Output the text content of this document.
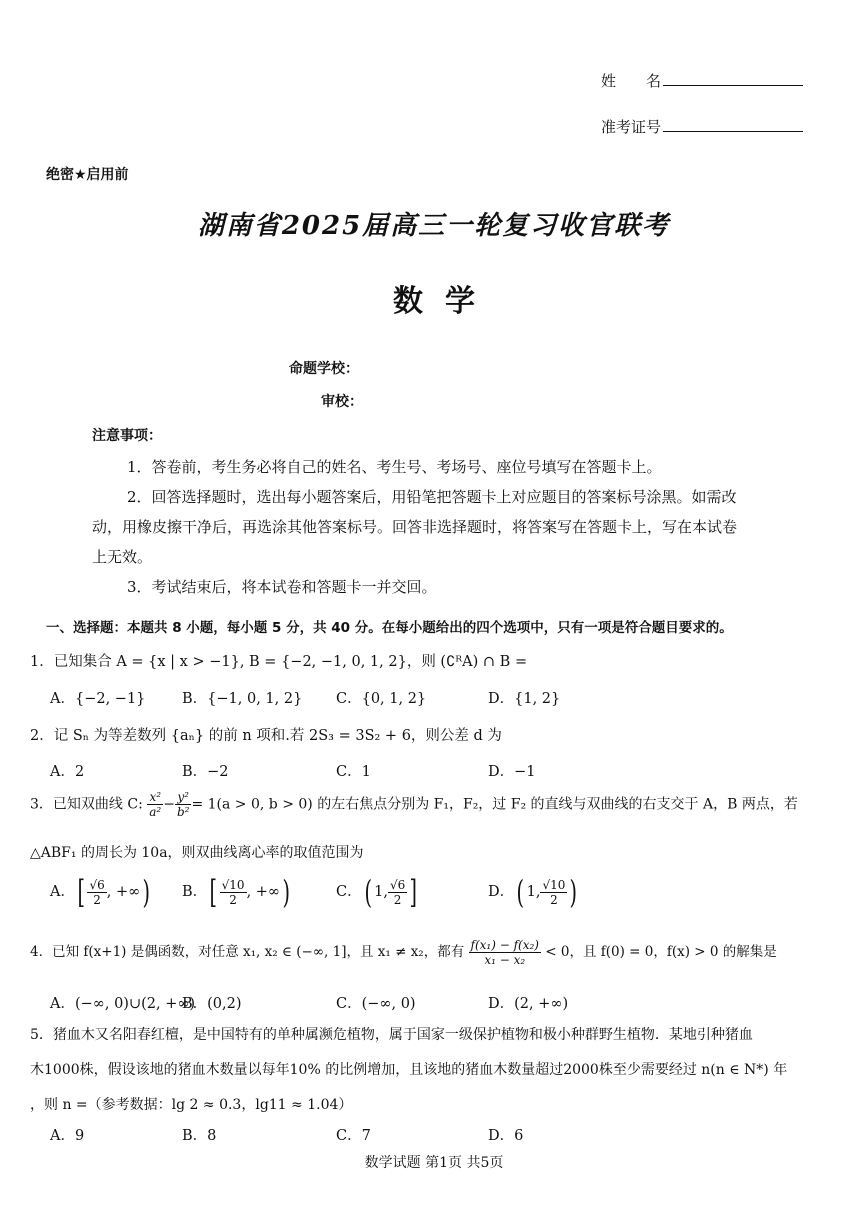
姓　　名
准考证号
绝密★启用前
湖南省2025届高三一轮复习收官联考
数学
命题学校：
审校：
注意事项：
1．答卷前，考生务必将自己的姓名、考生号、考场号、座位号填写在答题卡上。
2．回答选择题时，选出每小题答案后，用铅笔把答题卡上对应题目的答案标号涂黑。如需改
动，用橡皮擦干净后，再选涂其他答案标号。回答非选择题时，将答案写在答题卡上，写在本试卷
上无效。
3．考试结束后，将本试卷和答题卡一并交回。
一、选择题：本题共 8 小题，每小题 5 分，共 40 分。在每小题给出的四个选项中，只有一项是符合题目要求的。
1．已知集合 A = {x | x > −1}, B = {−2, −1, 0, 1, 2}，则 (∁ᴿA) ∩ B =
A．{−2, −1}	B．{−1, 0, 1, 2} C．{0, 1, 2}	D．{1, 2}
2．记 Sₙ 为等差数列 {aₙ} 的前 n 项和.若 2S₃ = 3S₂ + 6，则公差 d 为
A．2	B．−2	C．1	D．−1
3．已知双曲线 C: $\frac{\text{x²}}{\text{a²}} - \frac{\text{y²}}{\text{b²}} = 1(a > 0$, b > 0) 的左右焦点分别为 F₁，F₂，过 F₂ 的直线与双曲线的右支交于 A，B 两点，若
△ABF₁ 的周长为 10a，则双曲线离心率的取值范围为
A．[ $\frac{√6}{2}$ , +∞) B．[ $\frac{√10}{2}$ , +∞)	C．( 1, $\frac{√6}{2}$ ]	D．( 1, $\frac{√10}{2}$ )
4．已知 f(x+1) 是偶函数，对任意 x₁, x₂ ∈ (−∞, 1]，且 x₁ ≠ x₂，都有 $\frac{\text{f(x₁) − f(x₂)}}{\text{x₁ − x₂}} < 0$，且 f(0) = 0，f(x) > 0 的解集是
A．(−∞, 0)∪(2, +∞)
B．(0,2)	C．(−∞, 0)	D．(2, +∞)
5．猪血木又名阳春红檀，是中国特有的单种属濒危植物，属于国家一级保护植物和极小种群野生植物．某地引种猪血
木1000株，假设该地的猪血木数量以每年10% 的比例增加，且该地的猪血木数量超过2000株至少需要经过 n(n ∈ N*) 年
，则 n =（参考数据：lg 2 ≈ 0.3，lg11 ≈ 1.04）
A．9	B．8	C．7	D．6
数学试题 第1页 共5页
